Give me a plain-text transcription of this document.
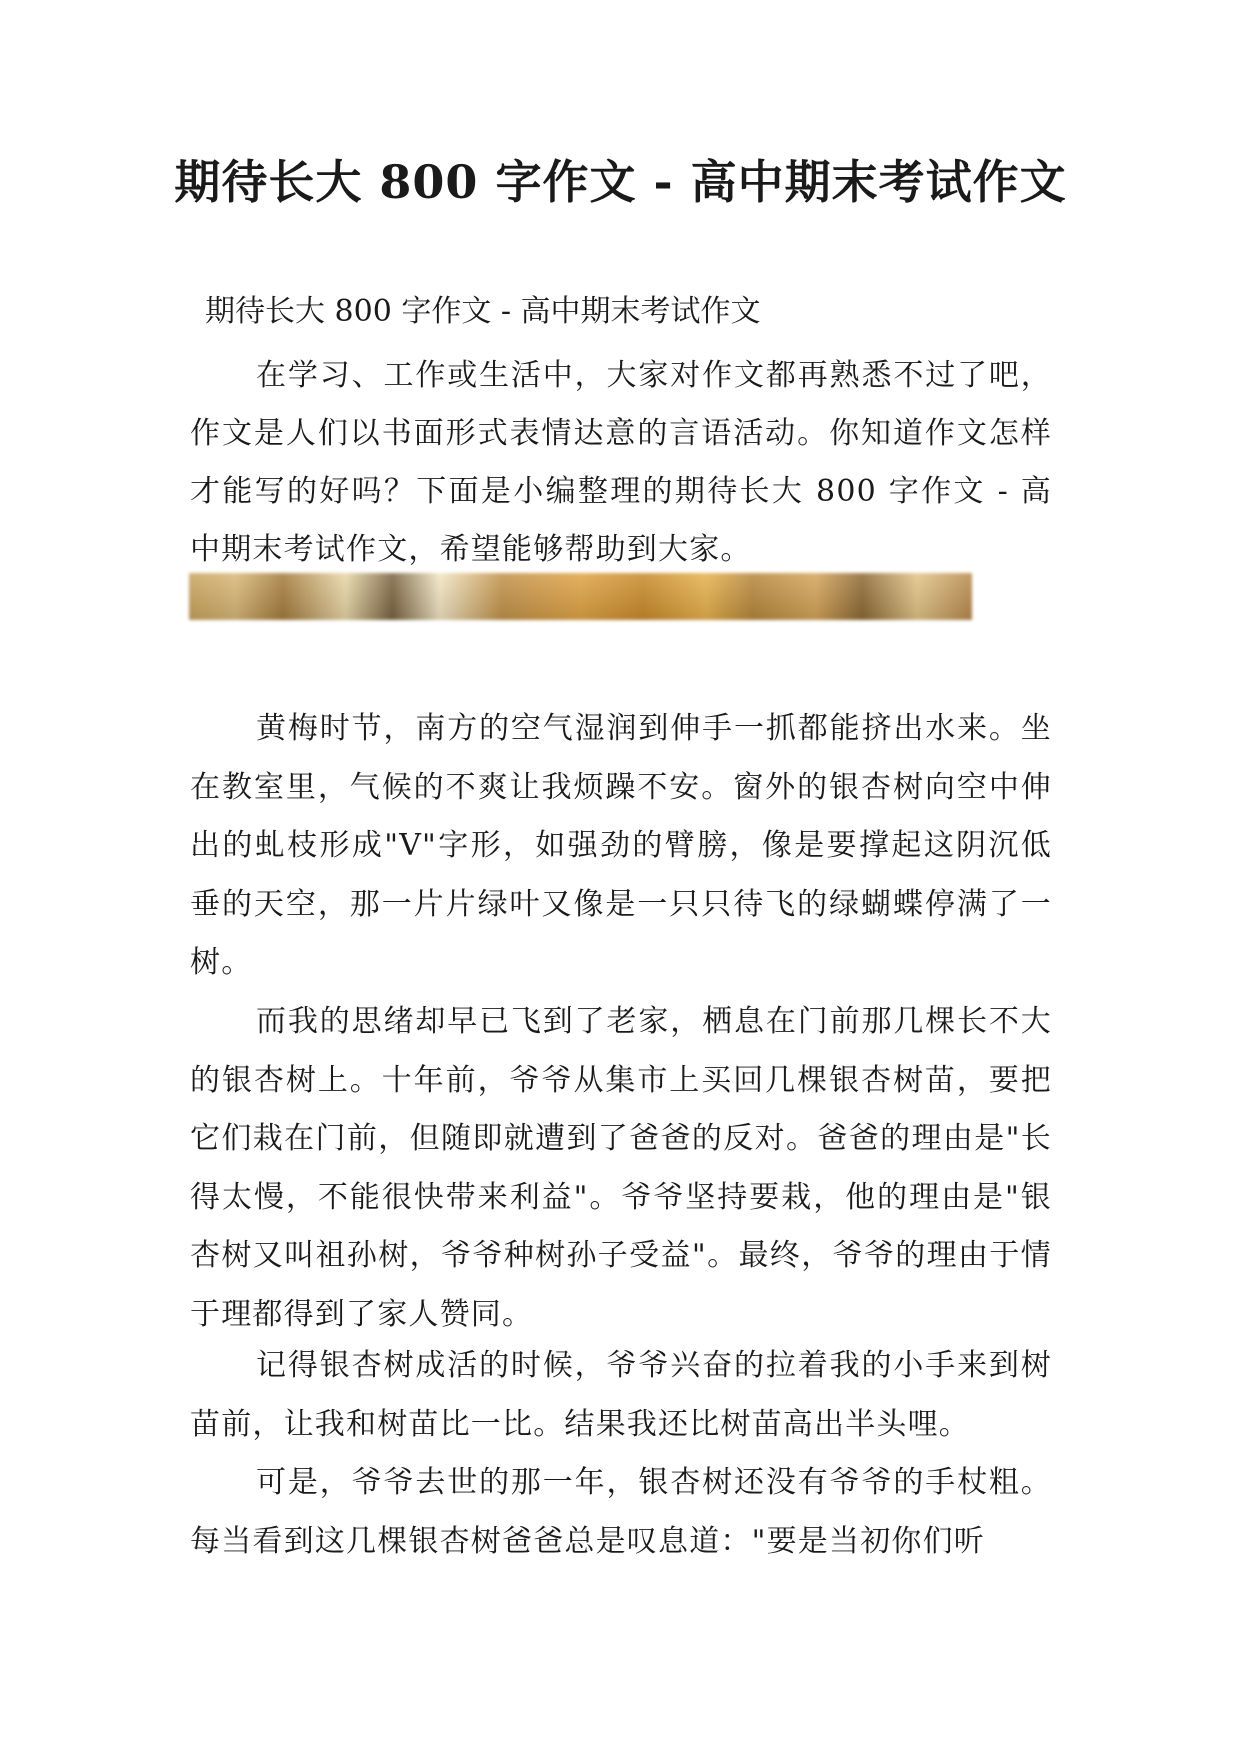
期待长大 800 字作文 - 高中期末考试作文

期待长大 800 字作文 - 高中期末考试作文

在学习、工作或生活中，大家对作文都再熟悉不过了吧，作文是人们以书面形式表情达意的言语活动。你知道作文怎样才能写的好吗？下面是小编整理的期待长大 800 字作文 - 高中期末考试作文，希望能够帮助到大家。

黄梅时节，南方的空气湿润到伸手一抓都能挤出水来。坐在教室里，气候的不爽让我烦躁不安。窗外的银杏树向空中伸出的虬枝形成"V"字形，如强劲的臂膀，像是要撑起这阴沉低垂的天空，那一片片绿叶又像是一只只待飞的绿蝴蝶停满了一树。

而我的思绪却早已飞到了老家，栖息在门前那几棵长不大的银杏树上。十年前，爷爷从集市上买回几棵银杏树苗，要把它们栽在门前，但随即就遭到了爸爸的反对。爸爸的理由是"长得太慢，不能很快带来利益"。爷爷坚持要栽，他的理由是"银杏树又叫祖孙树，爷爷种树孙子受益"。最终，爷爷的理由于情于理都得到了家人赞同。

记得银杏树成活的时候，爷爷兴奋的拉着我的小手来到树苗前，让我和树苗比一比。结果我还比树苗高出半头哩。

可是，爷爷去世的那一年，银杏树还没有爷爷的手杖粗。每当看到这几棵银杏树爸爸总是叹息道："要是当初你们听
